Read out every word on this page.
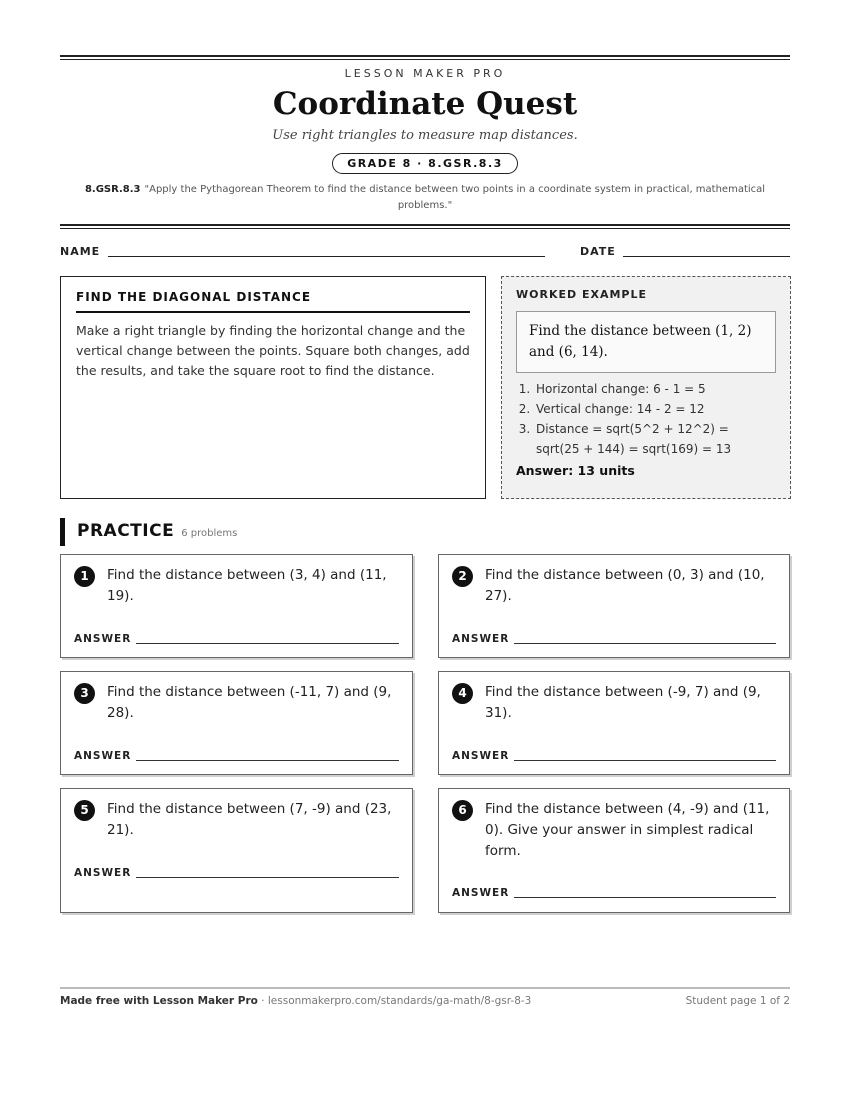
LESSON MAKER PRO
Coordinate Quest
Use right triangles to measure map distances.
GRADE 8 · 8.GSR.8.3
8.GSR.8.3 "Apply the Pythagorean Theorem to find the distance between two points in a coordinate system in practical, mathematical problems."
NAME	DATE
FIND THE DIAGONAL DISTANCE

Make a right triangle by finding the horizontal change and the vertical change between the points. Square both changes, add the results, and take the square root to find the distance.

WORKED EXAMPLE
Find the distance between (1, 2) and (6, 14).
1. Horizontal change: 6 - 1 = 5
2. Vertical change: 14 - 2 = 12
3. Distance = sqrt(5^2 + 12^2) = sqrt(25 + 144) = sqrt(169) = 13
Answer: 13 units
PRACTICE 6 problems
1	Find the distance between (3, 4) and (11, 19).
ANSWER
2	Find the distance between (0, 3) and (10, 27).
ANSWER
3	Find the distance between (-11, 7) and (9, 28).
ANSWER
4	Find the distance between (-9, 7) and (9, 31).
ANSWER
5	Find the distance between (7, -9) and (23, 21).
ANSWER
6	Find the distance between (4, -9) and (11, 0). Give your answer in simplest radical form.
ANSWER
Made free with Lesson Maker Pro · lessonmakerpro.com/standards/ga-math/8-gsr-8-3	Student page 1 of 2
